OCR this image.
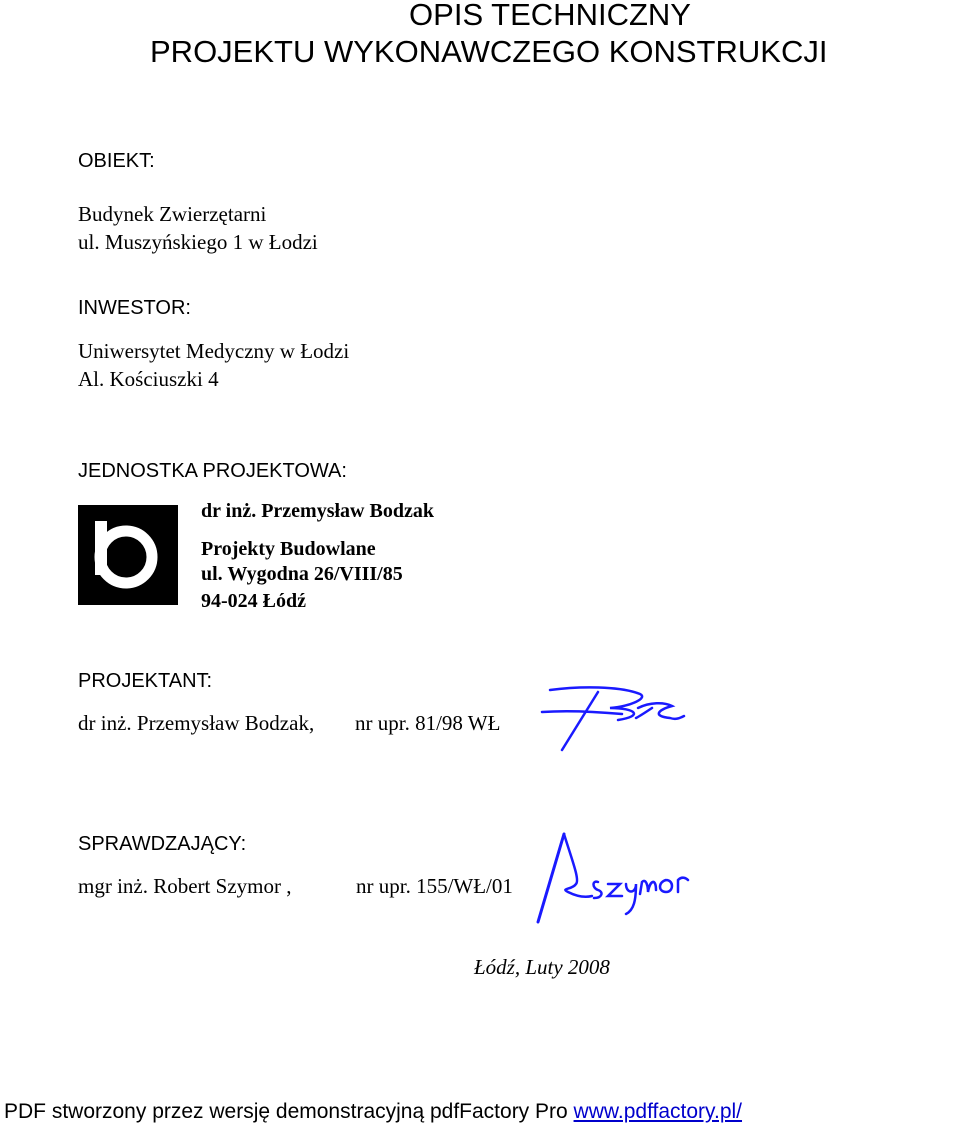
OPIS TECHNICZNY
PROJEKTU WYKONAWCZEGO KONSTRUKCJI
OBIEKT:
Budynek Zwierzętarni
ul. Muszyńskiego 1 w Łodzi
INWESTOR:
Uniwersytet Medyczny w Łodzi
Al. Kościuszki 4
JEDNOSTKA PROJEKTOWA:
dr inż. Przemysław Bodzak
Projekty Budowlane
ul. Wygodna 26/VIII/85
94-024 Łódź
PROJEKTANT:
dr inż. Przemysław Bodzak, nr upr. 81/98 WŁ
SPRAWDZAJĄCY:
mgr inż. Robert Szymor ,	nr upr. 155/WŁ/01
Łódź, Luty 2008
PDF stworzony przez wersję demonstracyjną pdfFactory Pro www.pdffactory.pl/
